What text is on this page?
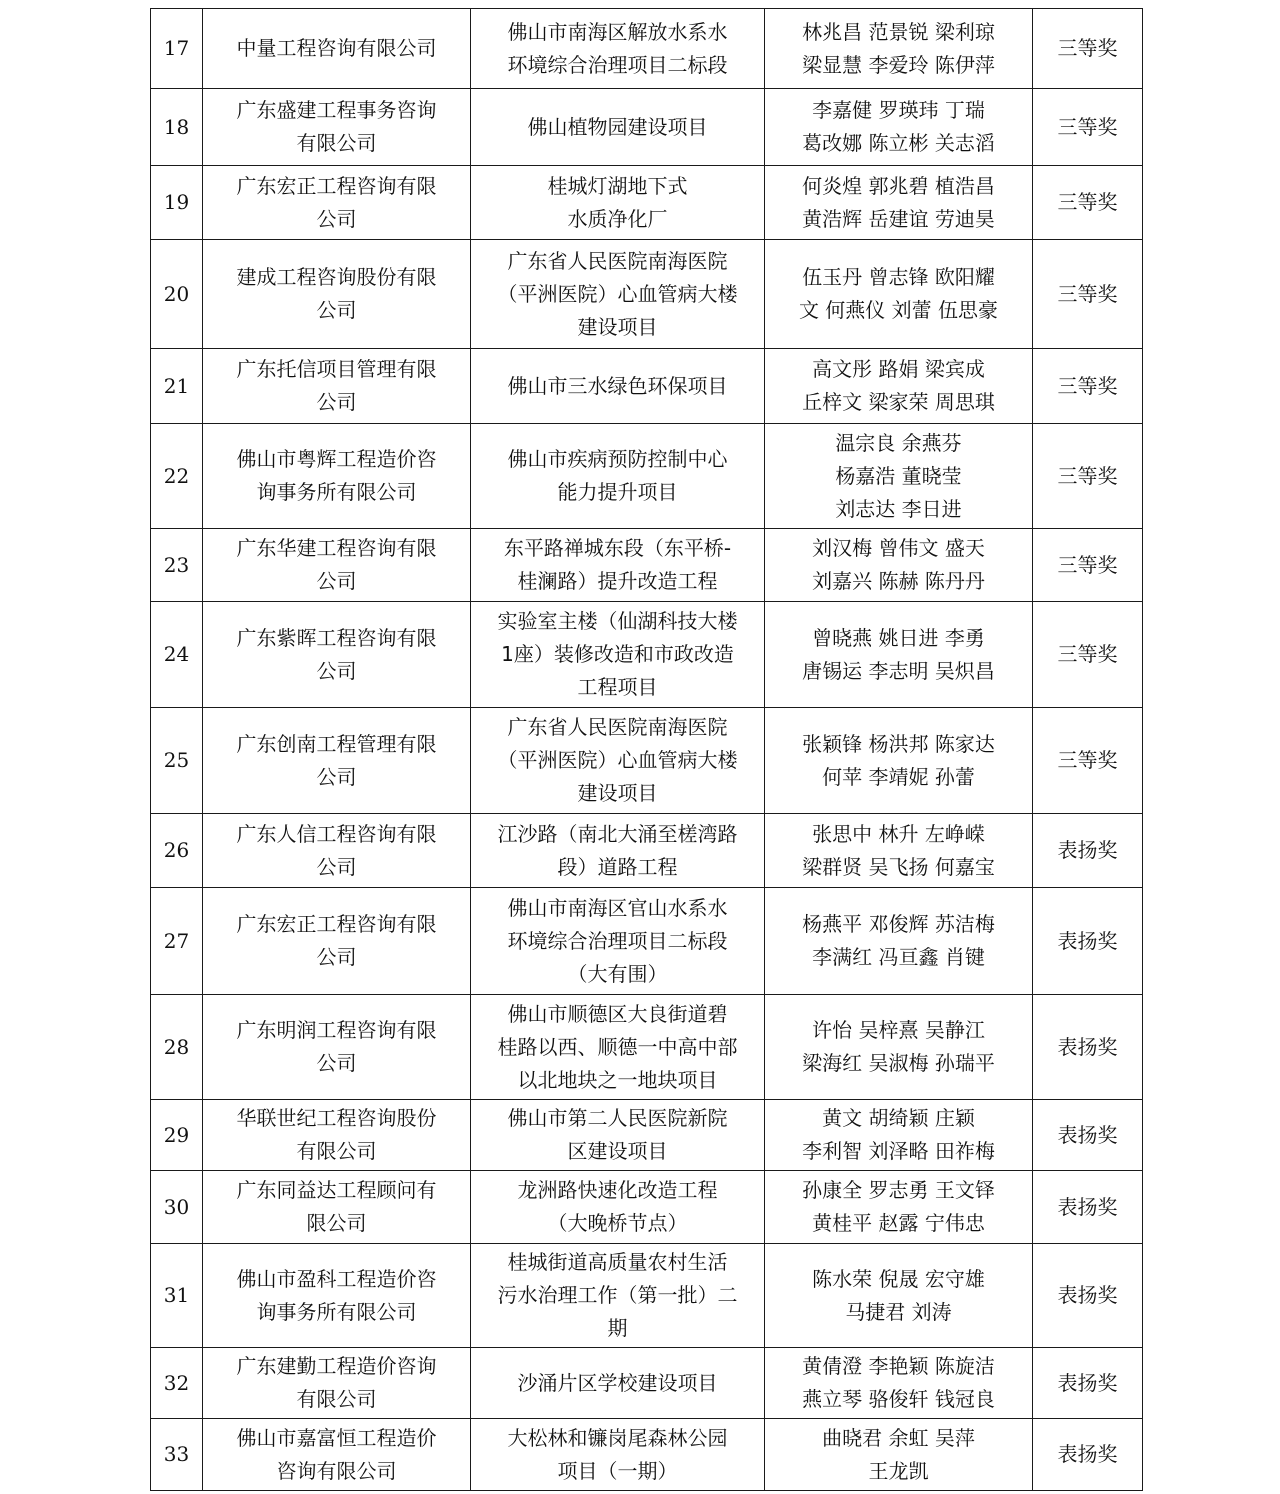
17	中量工程咨询有限公司	佛山市南海区解放水系水
环境综合治理项目二标段	林兆昌 范景锐 梁利琼
梁显慧 李爱玲 陈伊萍	三等奖
18	广东盛建工程事务咨询
有限公司	佛山植物园建设项目	李嘉健 罗瑛玮 丁瑞
葛改娜 陈立彬 关志滔	三等奖
19	广东宏正工程咨询有限
公司	桂城灯湖地下式
水质净化厂	何炎煌 郭兆碧 植浩昌
黄浩辉 岳建谊 劳迪昊	三等奖
20	建成工程咨询股份有限
公司	广东省人民医院南海医院
（平洲医院）心血管病大楼
建设项目	伍玉丹 曾志锋 欧阳耀
文 何燕仪 刘蕾 伍思豪	三等奖
21	广东托信项目管理有限
公司	佛山市三水绿色环保项目	高文彤 路娟 梁宾成
丘梓文 梁家荣 周思琪	三等奖
22	佛山市粤辉工程造价咨
询事务所有限公司	佛山市疾病预防控制中心
能力提升项目	温宗良 余燕芬
杨嘉浩 董晓莹
刘志达 李日进	三等奖
23	广东华建工程咨询有限
公司	东平路禅城东段（东平桥-
桂澜路）提升改造工程	刘汉梅 曾伟文 盛天
刘嘉兴 陈赫 陈丹丹	三等奖
24	广东紫晖工程咨询有限
公司	实验室主楼（仙湖科技大楼
1座）装修改造和市政改造
工程项目	曾晓燕 姚日进 李勇
唐锡运 李志明 吴炽昌	三等奖
25	广东创南工程管理有限
公司	广东省人民医院南海医院
（平洲医院）心血管病大楼
建设项目	张颖锋 杨洪邦 陈家达
何苹 李靖妮 孙蕾	三等奖
26	广东人信工程咨询有限
公司	江沙路（南北大涌至槎湾路
段）道路工程	张思中 林升 左峥嵘
梁群贤 吴飞扬 何嘉宝	表扬奖
27	广东宏正工程咨询有限
公司	佛山市南海区官山水系水
环境综合治理项目二标段
（大有围）	杨燕平 邓俊辉 苏洁梅
李满红 冯亘鑫 肖键	表扬奖
28	广东明润工程咨询有限
公司	佛山市顺德区大良街道碧
桂路以西、顺德一中高中部
以北地块之一地块项目	许怡 吴梓熹 吴静江
梁海红 吴淑梅 孙瑞平	表扬奖
29	华联世纪工程咨询股份
有限公司	佛山市第二人民医院新院
区建设项目	黄文 胡绮颖 庄颖
李利智 刘泽略 田祚梅	表扬奖
30	广东同益达工程顾问有
限公司	龙洲路快速化改造工程
（大晚桥节点）	孙康全 罗志勇 王文铎
黄桂平 赵露 宁伟忠	表扬奖
31	佛山市盈科工程造价咨
询事务所有限公司	桂城街道高质量农村生活
污水治理工作（第一批）二
期	陈水荣 倪晟 宏守雄
马捷君 刘涛	表扬奖
32	广东建勤工程造价咨询
有限公司	沙涌片区学校建设项目	黄倩澄 李艳颖 陈旋洁
燕立琴 骆俊轩 钱冠良	表扬奖
33	佛山市嘉富恒工程造价
咨询有限公司	大松林和镰岗尾森林公园
项目（一期）	曲晓君 余虹 吴萍
王龙凯	表扬奖
